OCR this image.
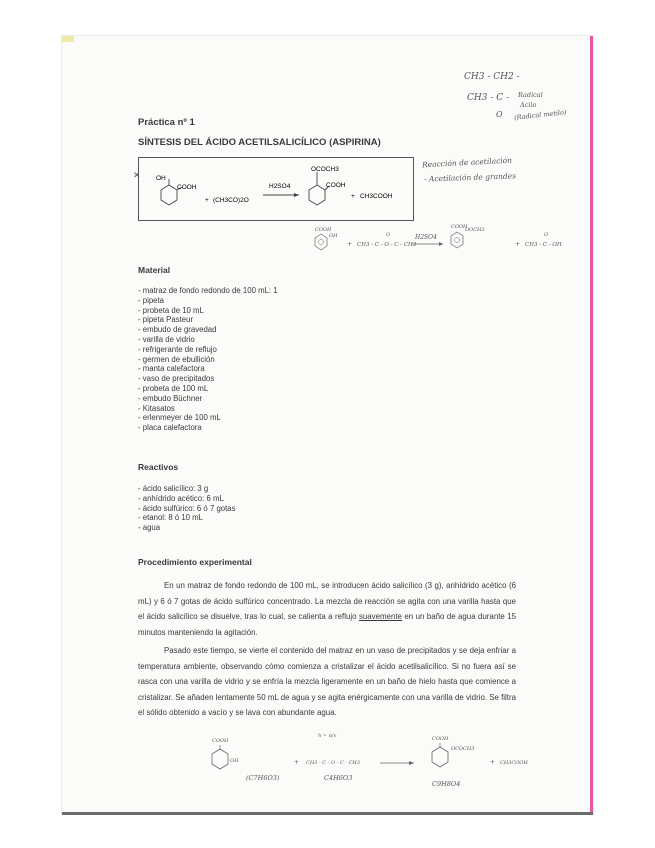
CH3 - CH2 -
CH3 - C -
O
Radical
Acilo
(Radical metilo)
Práctica nº 1
SÍNTESIS DEL ÁCIDO ACETILSALICÍLICO (ASPIRINA)
✕ OH
COOH
+ (CH3CO)2O
H2SO4
OCOCH3
COOH
+ CH3COOH
Reacción de acetilación
- Acetilación de grandes
COOH
OH
+ CH3 - C - O - C - CH3
O	H2SO4
COOH
OOCH3
+ CH3 - C - OH
O
Material
- matraz de fondo redondo de 100 mL: 1
- pipeta
- probeta de 10 mL
- pipeta Pasteur
- embudo de gravedad
- varilla de vidrio
- refrigerante de reflujo
- germen de ebullición
- manta calefactora
- vaso de precipitados
- probeta de 100 mL
- embudo Büchner
- Kitasatos
- erlenmeyer de 100 mL
- placa calefactora
Reactivos
- ácido salicílico: 3 g
- anhídrido acético: 6 mL
- ácido sulfúrico: 6 ó 7 gotas
- etanol: 8 ó 10 mL
- agua
Procedimiento experimental

En un matraz de fondo redondo de 100 mL, se introducen ácido salicílico (3 g), anhídrido acético (6 mL) y 6 ó 7 gotas de ácido sulfúrico concentrado. La mezcla de reacción se agita con una varilla hasta que el ácido salicílico se disuelve, tras lo cual, se calienta a reflujo suavemente en un baño de agua durante 15 minutos manteniendo la agitación.

Pasado este tiempo, se vierte el contenido del matraz en un vaso de precipitados y se deja enfriar a temperatura ambiente, observando cómo comienza a cristalizar el ácido acetilsalicílico. Si no fuera así se rasca con una varilla de vidrio y se enfría la mezcla ligeramente en un baño de hielo hasta que comience a cristalizar. Se añaden lentamente 50 mL de agua y se agita enérgicamente con una varilla de vidrio. Se filtra el sólido obtenido a vacío y se lava con abundante agua.

COOH
OH
(C7H6O3)
+ CH3 - C - O - C - CH3
C4H6O3
h = n/v	COOH
OCOCH3
C9H8O4
+ CH3COOH
